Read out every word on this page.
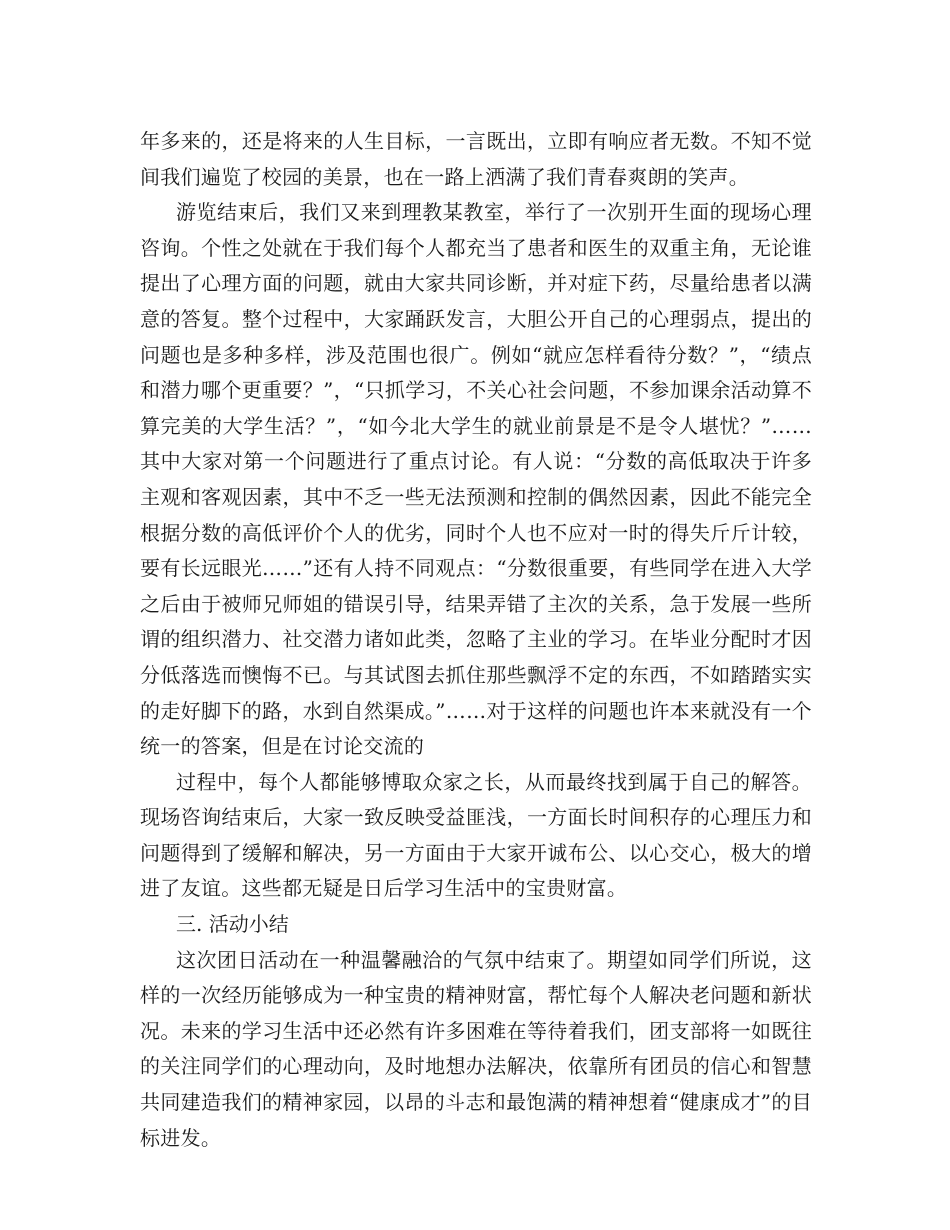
年多来的，还是将来的人生目标，一言既出，立即有响应者无数。不知不觉间我们遍览了校园的美景，也在一路上洒满了我们青春爽朗的笑声。

游览结束后，我们又来到理教某教室，举行了一次别开生面的现场心理咨询。个性之处就在于我们每个人都充当了患者和医生的双重主角，无论谁提出了心理方面的问题，就由大家共同诊断，并对症下药，尽量给患者以满意的答复。整个过程中，大家踊跃发言，大胆公开自己的心理弱点，提出的问题也是多种多样，涉及范围也很广。例如“就应怎样看待分数？”，“绩点和潜力哪个更重要？”，“只抓学习，不关心社会问题，不参加课余活动算不算完美的大学生活？”，“如今北大学生的就业前景是不是令人堪忧？”……其中大家对第一个问题进行了重点讨论。有人说：“分数的高低取决于许多主观和客观因素，其中不乏一些无法预测和控制的偶然因素，因此不能完全根据分数的高低评价个人的优劣，同时个人也不应对一时的得失斤斤计较，要有长远眼光……”还有人持不同观点：“分数很重要，有些同学在进入大学之后由于被师兄师姐的错误引导，结果弄错了主次的关系，急于发展一些所谓的组织潜力、社交潜力诸如此类，忽略了主业的学习。在毕业分配时才因分低落选而懊悔不已。与其试图去抓住那些飘浮不定的东西，不如踏踏实实的走好脚下的路，水到自然渠成。”……对于这样的问题也许本来就没有一个统一的答案，但是在讨论交流的

过程中，每个人都能够博取众家之长，从而最终找到属于自己的解答。现场咨询结束后，大家一致反映受益匪浅，一方面长时间积存的心理压力和问题得到了缓解和解决，另一方面由于大家开诚布公、以心交心，极大的增进了友谊。这些都无疑是日后学习生活中的宝贵财富。

三. 活动小结

这次团日活动在一种温馨融洽的气氛中结束了。期望如同学们所说，这样的一次经历能够成为一种宝贵的精神财富，帮忙每个人解决老问题和新状况。未来的学习生活中还必然有许多困难在等待着我们，团支部将一如既往的关注同学们的心理动向，及时地想办法解决，依靠所有团员的信心和智慧共同建造我们的精神家园，以昂的斗志和最饱满的精神想着“健康成才”的目标进发。
